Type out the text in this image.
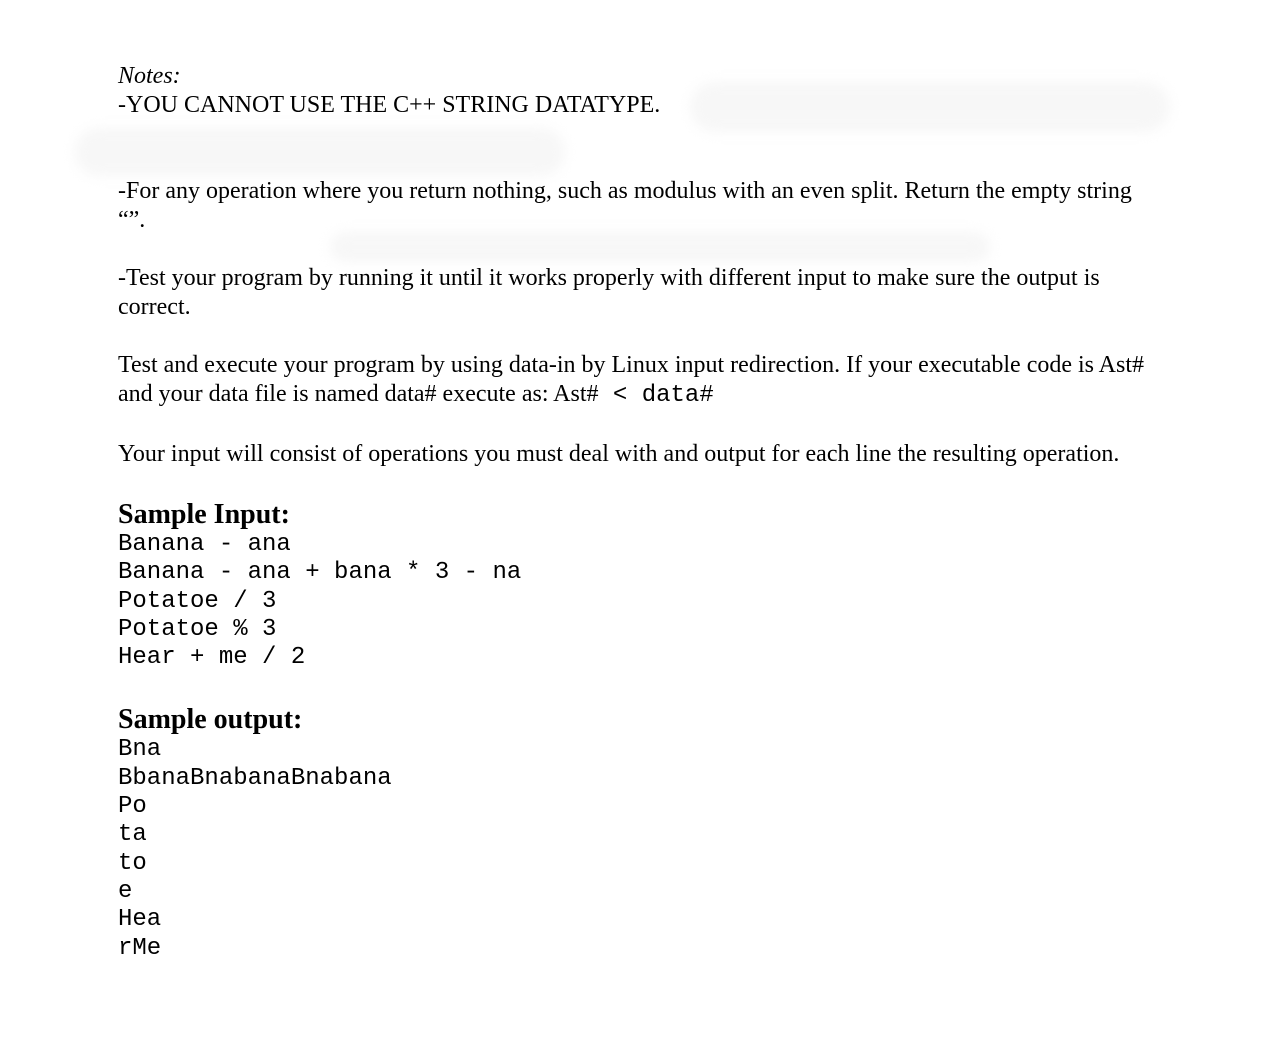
Notes:

-YOU CANNOT USE THE C++ STRING DATATYPE.

-For any operation where you return nothing, such as modulus with an even split. Return the empty string “”.

-Test your program by running it until it works properly with different input to make sure the output is correct.

Test and execute your program by using data-in by Linux input redirection. If your executable code is Ast# and your data file is named data# execute as: Ast# < data#

Your input will consist of operations you must deal with and output for each line the resulting operation.

Sample Input:

Banana - ana

Banana - ana + bana * 3 - na

Potatoe / 3

Potatoe % 3

Hear + me / 2

Sample output:

Bna

BbanaBnabanaBnabana

Po

ta

to

e

Hea

rMe
